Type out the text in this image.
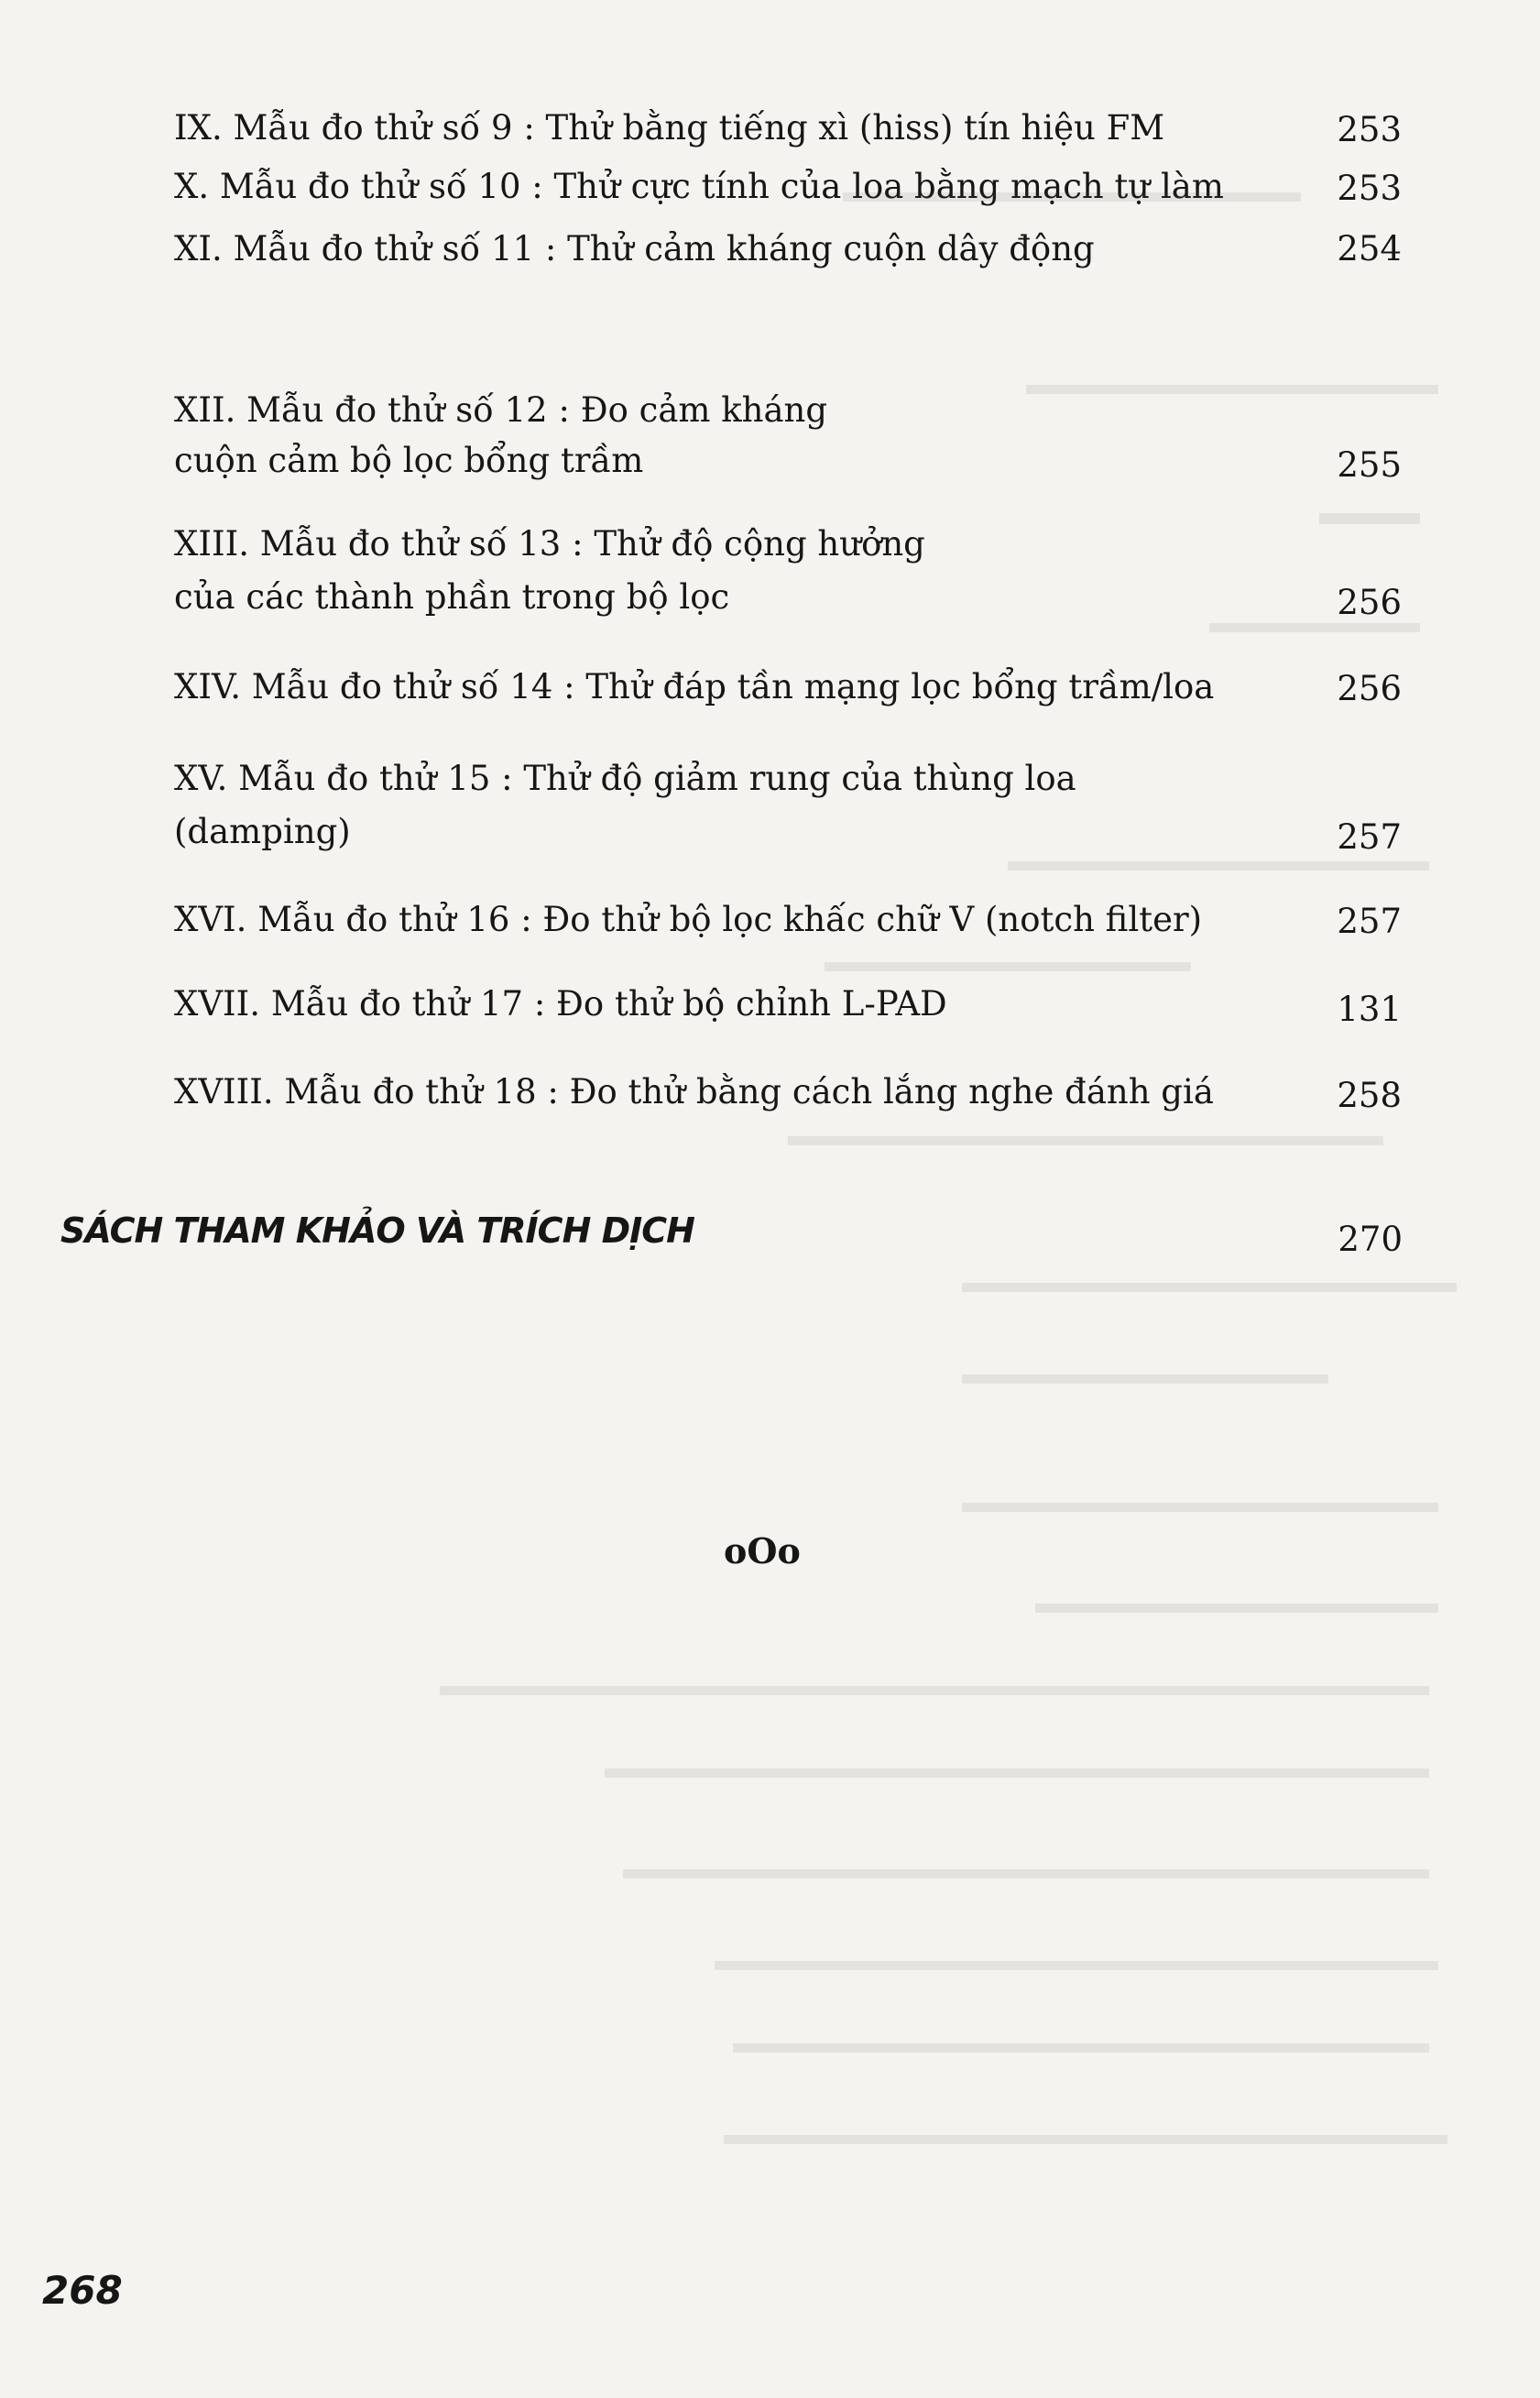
IX. Mẫu đo thử số 9 : Thử bằng tiếng xì (hiss) tín hiệu FM	253
X. Mẫu đo thử số 10 : Thử cực tính của loa bằng mạch tự làm	253
XI. Mẫu đo thử số 11 : Thử cảm kháng cuộn dây động	254
XII. Mẫu đo thử số 12 : Đo cảm kháng
cuộn cảm bộ lọc bổng trầm	255
XIII. Mẫu đo thử số 13 : Thử độ cộng hưởng
của các thành phần trong bộ lọc	256
XIV. Mẫu đo thử số 14 : Thử đáp tần mạng lọc bổng trầm/loa	256
XV. Mẫu đo thử 15 : Thử độ giảm rung của thùng loa
(damping)	257
XVI. Mẫu đo thử 16 : Đo thử bộ lọc khấc chữ V (notch filter)	257
XVII. Mẫu đo thử 17 : Đo thử bộ chỉnh L-PAD	131
XVIII. Mẫu đo thử 18 : Đo thử bằng cách lắng nghe đánh giá	258
SÁCH THAM KHẢO VÀ TRÍCH DỊCH	270
oOo
268
